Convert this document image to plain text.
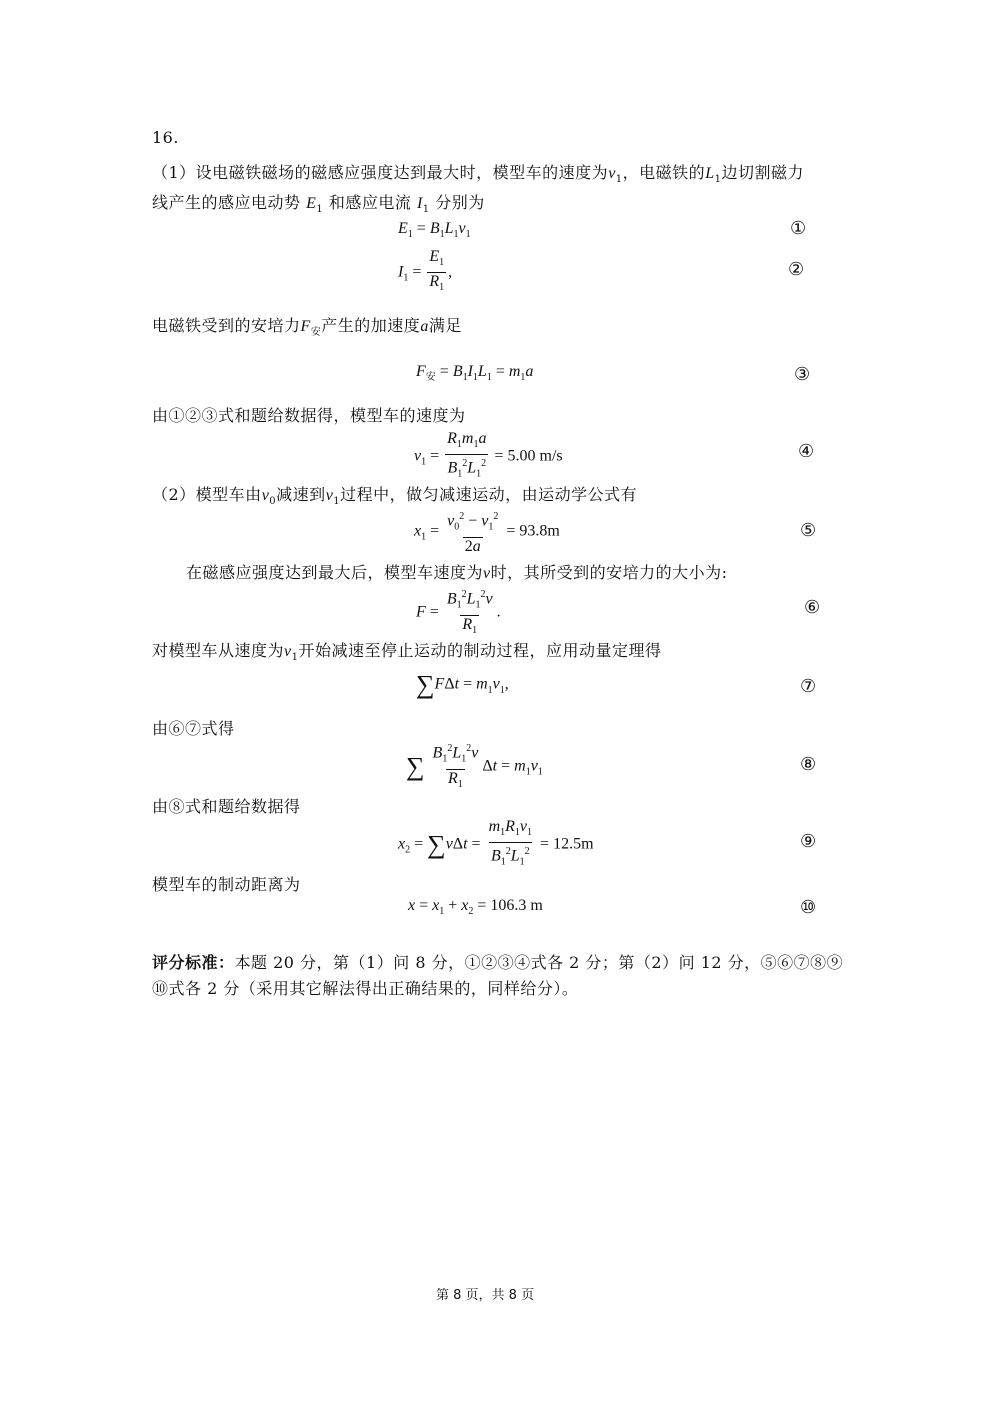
16.
（1）设电磁铁磁场的磁感应强度达到最大时，模型车的速度为$v_1$，电磁铁的$L_1$边切割磁力
线产生的感应电动势 $E_1$ 和感应电流 $I_1$ 分别为
$E_1 = B_1L_1v_1$	①
$I_1 = \frac{E_1}{R_1}$ ,	②
电磁铁受到的安培力$F_安$产生的加速度a满足
$F_安 = B_1I_1L_1 = m_1a$	③
由①②③式和题给数据得，模型车的速度为
$v_1 = \frac{R_1m_1a}{B_1^2L_1^2} = 5.00$ m/s	④
（2）模型车由$v_0$减速到$v_1$过程中，做匀减速运动，由运动学公式有
$x_1 = \frac{v_0^2 - v_1^2}{2a} = 93.8m$	⑤
在磁感应强度达到最大后，模型车速度为v时，其所受到的安培力的大小为:
$F = \frac{B_1^2L_1^2v}{R_1}$ .	⑥
对模型车从速度为$v_1$开始减速至停止运动的制动过程，应用动量定理得
$\sum F\Delta t = m_1v_1$,	⑦
由⑥⑦式得
∑ $\frac{B_1^2L_1^2v}{R_1}$ $\Delta t = m_1v_1$	⑧
由⑧式和题给数据得
$x_2 = \sum v\Delta t = \frac{m_1R_1v_1}{B_1^2L_1^2} = 12.5m$	⑨
模型车的制动距离为
$x = x_1 + x_2 = 106.3$ m	⑩
评分标准：本题 20 分，第（1）问 8 分，①②③④式各 2 分；第（2）问 12 分，⑤⑥⑦⑧⑨
⑩式各 2 分（采用其它解法得出正确结果的，同样给分）。
第 8 页，共 8 页
